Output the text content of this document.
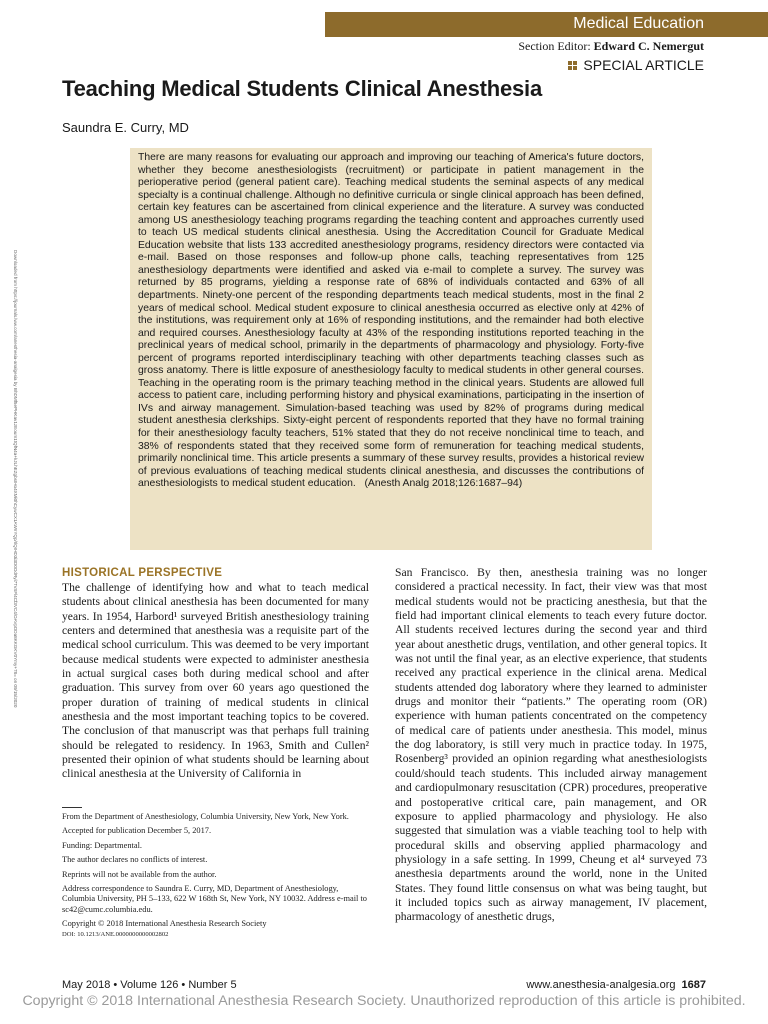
Medical Education
Section Editor: Edward C. Nemergut
SPECIAL ARTICLE
Teaching Medical Students Clinical Anesthesia
Saundra E. Curry, MD

There are many reasons for evaluating our approach and improving our teaching of America's future doctors, whether they become anesthesiologists (recruitment) or participate in patient management in the perioperative period (general patient care). Teaching medical students the seminal aspects of any medical specialty is a continual challenge. Although no definitive curricula or single clinical approach has been defined, certain key features can be ascertained from clinical experience and the literature. A survey was conducted among US anesthesiology teaching programs regarding the teaching content and approaches currently used to teach US medical students clinical anesthesia. Using the Accreditation Council for Graduate Medical Education website that lists 133 accredited anesthesiology programs, residency directors were contacted via e-mail. Based on those responses and follow-up phone calls, teaching representatives from 125 anesthesiology departments were identified and asked via e-mail to complete a survey. The survey was returned by 85 programs, yielding a response rate of 68% of individuals contacted and 63% of all departments. Ninety-one percent of the responding departments teach medical students, most in the final 2 years of medical school. Medical student exposure to clinical anesthesia occurred as elective only at 42% of the institutions, was requirement only at 16% of responding institutions, and the remainder had both elective and required courses. Anesthesiology faculty at 43% of the responding institutions reported teaching in the preclinical years of medical school, primarily in the departments of pharmacology and physiology. Forty-five percent of programs reported interdisciplinary teaching with other departments teaching classes such as gross anatomy. There is little exposure of anesthesiology faculty to medical students in other general courses. Teaching in the operating room is the primary teaching method in the clinical years. Students are allowed full access to patient care, including performing history and physical examinations, participating in the insertion of IVs and airway management. Simulation-based teaching was used by 82% of programs during medical student anesthesia clerkships. Sixty-eight percent of respondents reported that they have no formal training for their anesthesiology faculty teachers, 51% stated that they do not receive nonclinical time to teach, and 38% of respondents stated that they received some form of remuneration for teaching medical students, primarily nonclinical time. This article presents a summary of these survey results, provides a historical review of previous evaluations of teaching medical students clinical anesthesia, and discusses the contributions of anesthesiologists to medical student education. (Anesth Analg 2018;126:1687–94)

Downloaded from https://journals.lww.com/anesthesia-analgesia by BhDMf5ePHKav1zEoum1tQfN4a+kJLhEZgbsIHo4XMi0hCywCX1AWnYQp/IlQrHD3i3D0OdRyi7TvSFl4Cf3VC4/OAVpDDa8KKGKV0Ymy+78= on 09/15/2020	HISTORICAL PERSPECTIVE

The challenge of identifying how and what to teach medical students about clinical anesthesia has been documented for many years. In 1954, Harbord¹ surveyed British anesthesiology training centers and determined that anesthesia was a requisite part of the medical school curriculum. This was deemed to be very important because medical students were expected to administer anesthesia in actual surgical cases both during medical school and after graduation. This survey from over 60 years ago questioned the proper duration of training of medical students in clinical anesthesia and the most important teaching topics to be covered. The conclusion of that manuscript was that perhaps full training should be relegated to residency. In 1963, Smith and Cullen² presented their opinion of what students should be learning about clinical anesthesia at the University of California in

San Francisco. By then, anesthesia training was no longer considered a practical necessity. In fact, their view was that most medical students would not be practicing anesthesia, but that the field had important clinical elements to teach every future doctor. All students received lectures during the second year and third year about anesthetic drugs, ventilation, and other general topics. It was not until the final year, as an elective experience, that students received any practical experience in the clinical arena. Medical students attended dog laboratory where they learned to administer drugs and monitor their “patients.” The operating room (OR) experience with human patients concentrated on the competency of medical care of patients under anesthesia. This model, minus the dog laboratory, is still very much in practice today. In 1975, Rosenberg³ provided an opinion regarding what anesthesiologists could/should teach students. This included airway management and cardiopulmonary resuscitation (CPR) procedures, preoperative and postoperative critical care, pain management, and OR exposure to applied pharmacology and physiology. He also suggested that simulation was a viable teaching tool to help with procedural skills and observing applied pharmacology and physiology in a safe setting. In 1999, Cheung et al⁴ surveyed 73 anesthesia departments around the world, none in the United States. They found little consensus on what was being taught, but it included topics such as airway management, IV placement, pharmacology of anesthetic drugs,

From the Department of Anesthesiology, Columbia University, New York, New York.

Accepted for publication December 5, 2017.

Funding: Departmental.

The author declares no conflicts of interest.

Reprints will not be available from the author.

Address correspondence to Saundra E. Curry, MD, Department of Anesthesiology, Columbia University, PH 5–133, 622 W 168th St, New York, NY 10032. Address e-mail to sc42@cumc.columbia.edu.

Copyright © 2018 International Anesthesia Research Society

DOI: 10.1213/ANE.0000000000002802

May 2018 • Volume 126 • Number 5	www.anesthesia-analgesia.org 1687
Copyright © 2018 International Anesthesia Research Society. Unauthorized reproduction of this article is prohibited.
